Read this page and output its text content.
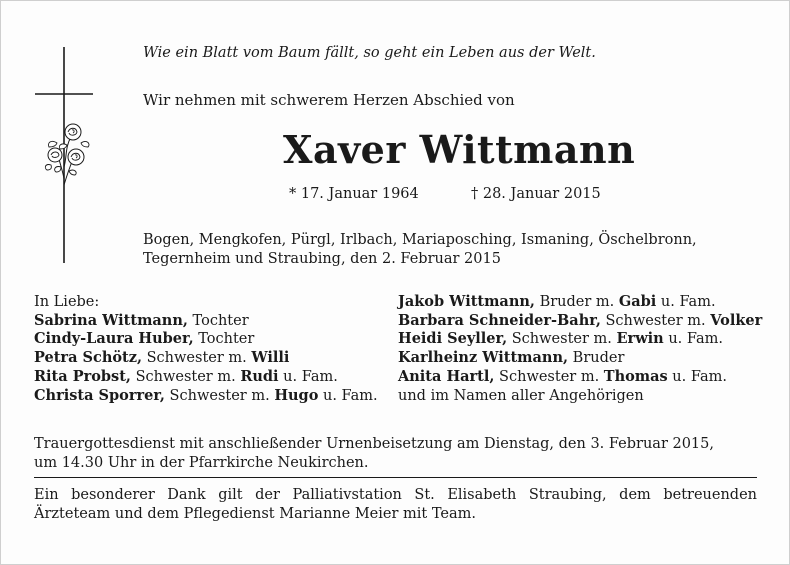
Wie ein Blatt vom Baum fällt, so geht ein Leben aus der Welt.
Wir nehmen mit schwerem Herzen Abschied von
Xaver Wittmann
* 17. Januar 1964	† 28. Januar 2015
Bogen, Mengkofen, Pürgl, Irlbach, Mariaposching, Ismaning, Öschelbronn,
Tegernheim und Straubing, den 2. Februar 2015
In Liebe:
Sabrina Wittmann, Tochter
Cindy-Laura Huber, Tochter
Petra Schötz, Schwester m. Willi
Rita Probst, Schwester m. Rudi u. Fam.
Christa Sporrer, Schwester m. Hugo u. Fam.
Jakob Wittmann, Bruder m. Gabi u. Fam.
Barbara Schneider-Bahr, Schwester m. Volker
Heidi Seyller, Schwester m. Erwin u. Fam.
Karlheinz Wittmann, Bruder
Anita Hartl, Schwester m. Thomas u. Fam.
und im Namen aller Angehörigen
Trauergottesdienst mit anschließender Urnenbeisetzung am Dienstag, den 3. Februar 2015,
um 14.30 Uhr in der Pfarrkirche Neukirchen.
Ein besonderer Dank gilt der Palliativstation St. Elisabeth Straubing, dem betreuenden Ärzteteam und dem Pflegedienst Marianne Meier mit Team.
